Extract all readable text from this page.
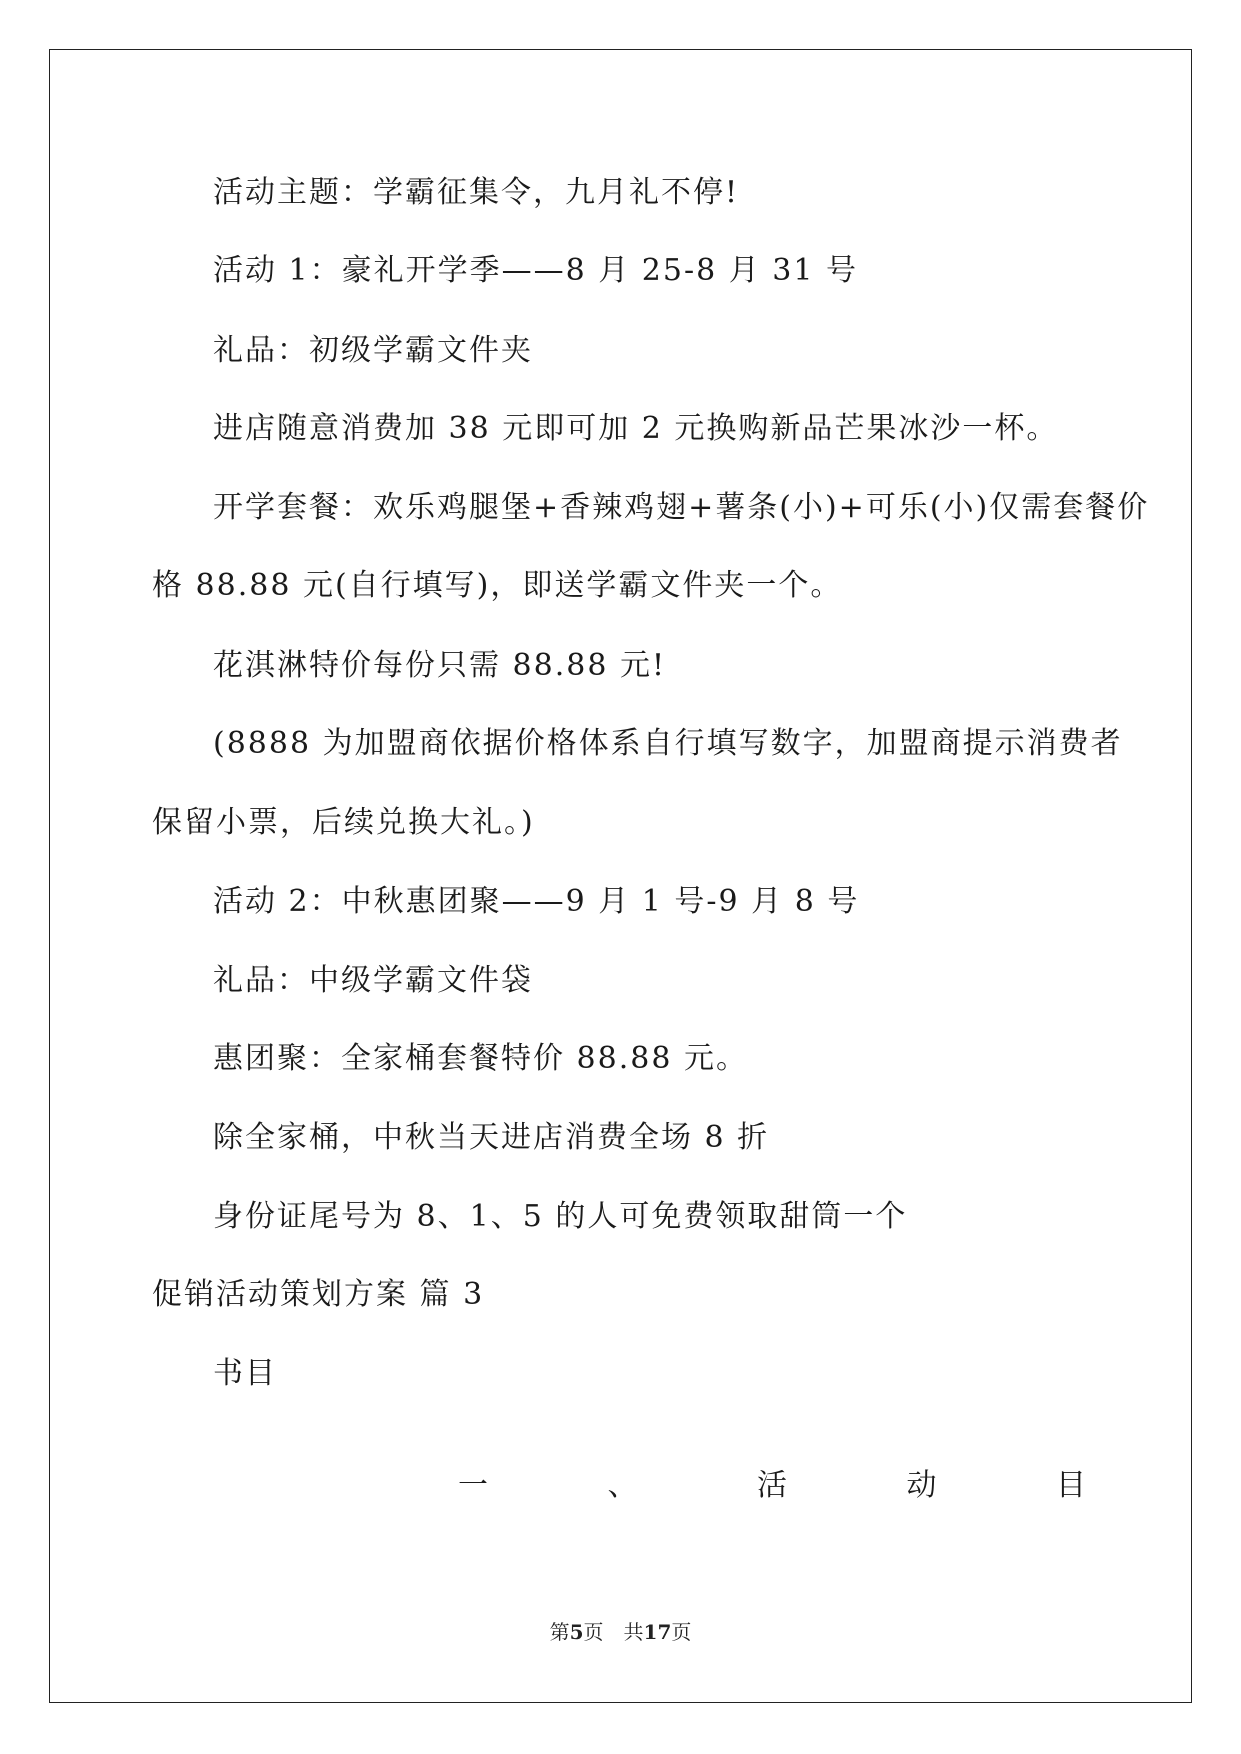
活动主题：学霸征集令，九月礼不停!
活动 1：豪礼开学季——8 月 25-8 月 31 号
礼品：初级学霸文件夹
进店随意消费加 38 元即可加 2 元换购新品芒果冰沙一杯。
开学套餐：欢乐鸡腿堡+香辣鸡翅+薯条(小)+可乐(小)仅需套餐价
格 88.88 元(自行填写)，即送学霸文件夹一个。
花淇淋特价每份只需 88.88 元!
(8888 为加盟商依据价格体系自行填写数字，加盟商提示消费者
保留小票，后续兑换大礼。)
活动 2：中秋惠团聚——9 月 1 号-9 月 8 号
礼品：中级学霸文件袋
惠团聚：全家桶套餐特价 88.88 元。
除全家桶，中秋当天进店消费全场 8 折
身份证尾号为 8、1、5 的人可免费领取甜筒一个
促销活动策划方案 篇 3
书目
一	、	活	动	目
第5页　共17页
